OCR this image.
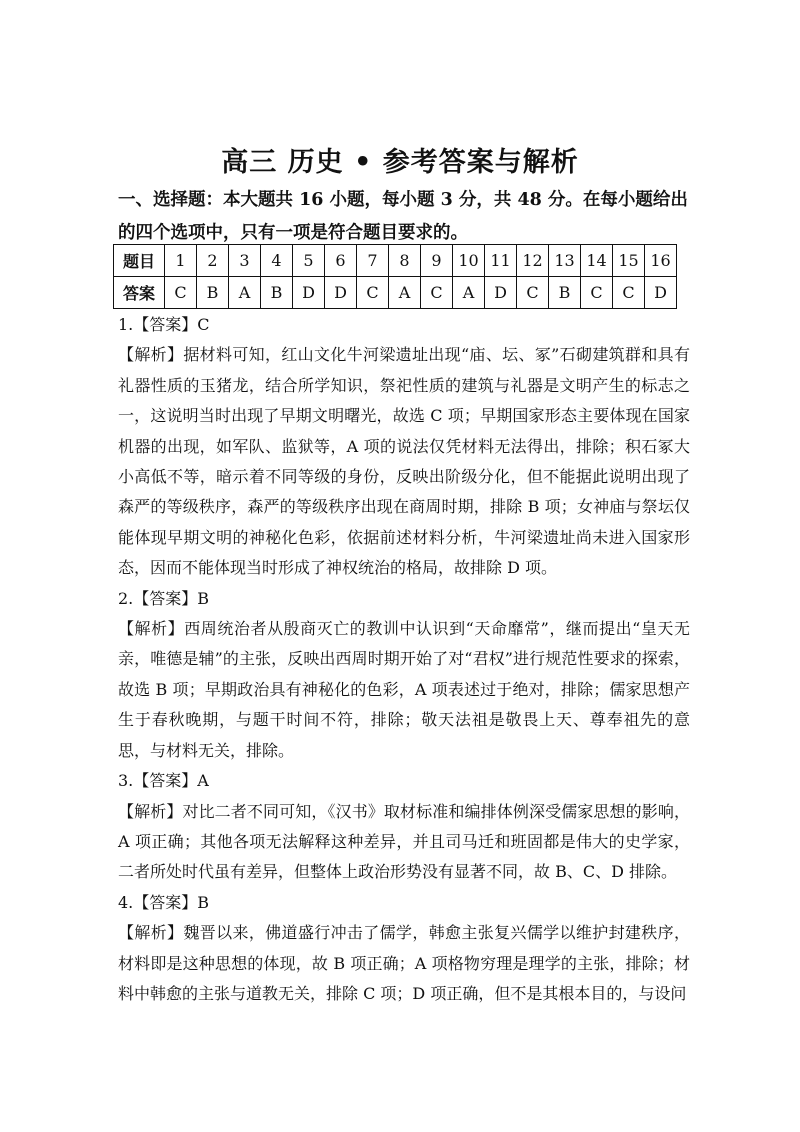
高三 历史 • 参考答案与解析
一、选择题：本大题共 16 小题，每小题 3 分，共 48 分。在每小题给出的四个选项中，只有一项是符合题目要求的。
题目	1	2	3	4	5	6	7	8	9	10	11	12	13	14	15	16
答案	C	B	A	B	D	D	C	A	C	A	D	C	B	C	C	D

1.【答案】C

【解析】据材料可知，红山文化牛河梁遗址出现“庙、坛、冢”石砌建筑群和具有礼器性质的玉猪龙，结合所学知识，祭祀性质的建筑与礼器是文明产生的标志之一，这说明当时出现了早期文明曙光，故选 C 项；早期国家形态主要体现在国家机器的出现，如军队、监狱等，A 项的说法仅凭材料无法得出，排除；积石冢大小高低不等，暗示着不同等级的身份，反映出阶级分化，但不能据此说明出现了森严的等级秩序，森严的等级秩序出现在商周时期，排除 B 项；女神庙与祭坛仅能体现早期文明的神秘化色彩，依据前述材料分析，牛河梁遗址尚未进入国家形态，因而不能体现当时形成了神权统治的格局，故排除 D 项。

2.【答案】B

【解析】西周统治者从殷商灭亡的教训中认识到“天命靡常”，继而提出“皇天无亲，唯德是辅”的主张，反映出西周时期开始了对“君权”进行规范性要求的探索，故选 B 项；早期政治具有神秘化的色彩，A 项表述过于绝对，排除；儒家思想产生于春秋晚期，与题干时间不符，排除；敬天法祖是敬畏上天、尊奉祖先的意思，与材料无关，排除。

3.【答案】A

【解析】对比二者不同可知，《汉书》取材标准和编排体例深受儒家思想的影响，A 项正确；其他各项无法解释这种差异，并且司马迁和班固都是伟大的史学家，二者所处时代虽有差异，但整体上政治形势没有显著不同，故 B、C、D 排除。

4.【答案】B

【解析】魏晋以来，佛道盛行冲击了儒学，韩愈主张复兴儒学以维护封建秩序，材料即是这种思想的体现，故 B 项正确；A 项格物穷理是理学的主张，排除；材料中韩愈的主张与道教无关，排除 C 项；D 项正确，但不是其根本目的，与设问
